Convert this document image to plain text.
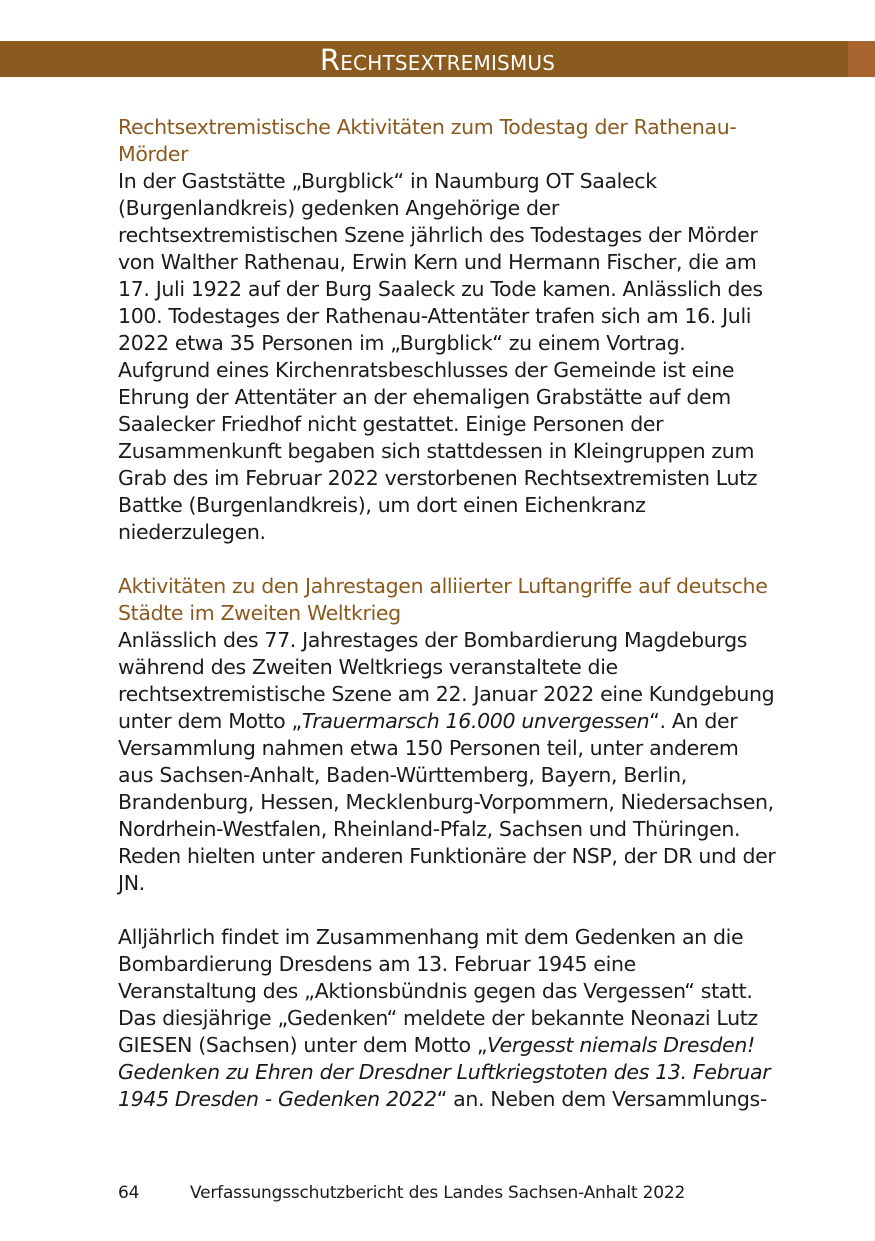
Rechtsextremismus

Rechtsextremistische Aktivitäten zum Todestag der Rathenau-Mörder

In der Gaststätte „Burgblick“ in Naumburg OT Saaleck (Burgenlandkreis) gedenken Angehörige der rechtsextremistischen Szene jährlich des Todestages der Mörder von Walther Rathenau, Erwin Kern und Hermann Fischer, die am 17. Juli 1922 auf der Burg Saaleck zu Tode kamen. Anlässlich des 100. Todestages der Rathenau-Attentäter trafen sich am 16. Juli 2022 etwa 35 Personen im „Burgblick“ zu einem Vortrag.

Aufgrund eines Kirchenratsbeschlusses der Gemeinde ist eine Ehrung der Attentäter an der ehemaligen Grabstätte auf dem Saalecker Friedhof nicht gestattet. Einige Personen der Zusammenkunft begaben sich stattdessen in Kleingruppen zum Grab des im Februar 2022 verstorbenen Rechtsextremisten Lutz Battke (Burgenlandkreis), um dort einen Eichenkranz niederzulegen.

Aktivitäten zu den Jahrestagen alliierter Luftangriffe auf deutsche Städte im Zweiten Weltkrieg

Anlässlich des 77. Jahrestages der Bombardierung Magdeburgs während des Zweiten Weltkriegs veranstaltete die rechtsextremistische Szene am 22. Januar 2022 eine Kundgebung unter dem Motto „Trauermarsch 16.000 unvergessen“. An der Versammlung nahmen etwa 150 Personen teil, unter anderem aus Sachsen-Anhalt, Baden-Württemberg, Bayern, Berlin, Brandenburg, Hessen, Mecklenburg-Vorpommern, Niedersachsen, Nordrhein-Westfalen, Rheinland-Pfalz, Sachsen und Thüringen. Reden hielten unter anderen Funktionäre der NSP, der DR und der JN.

Alljährlich findet im Zusammenhang mit dem Gedenken an die Bombardierung Dresdens am 13. Februar 1945 eine Veranstaltung des „Aktionsbündnis gegen das Vergessen“ statt. Das diesjährige „Gedenken“ meldete der bekannte Neonazi Lutz GIESEN (Sachsen) unter dem Motto „Vergesst niemals Dresden! Gedenken zu Ehren der Dresdner Luftkriegstoten des 13. Februar 1945 Dresden - Gedenken 2022“ an. Neben dem Versammlungs-

64	Verfassungsschutzbericht des Landes Sachsen-Anhalt 2022
